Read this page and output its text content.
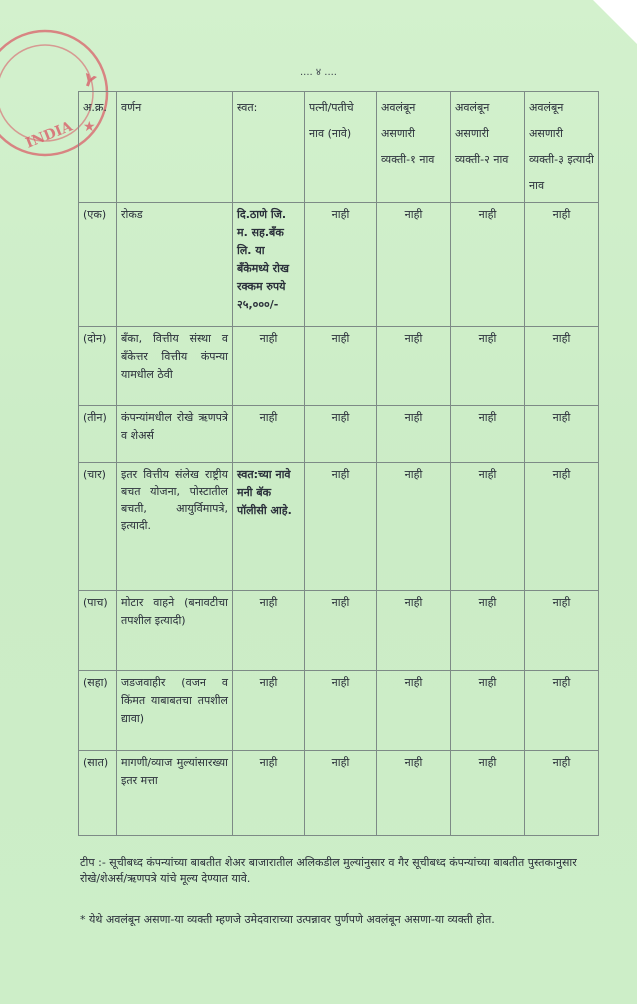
Y
INDIA ★
.... ४ ....
अ.क्र.	वर्णन	स्वत:	पत्नी/पतीचे नाव (नावे)	अवलंबून असणारी व्यक्ती-१ नाव	अवलंबून असणारी व्यक्ती-२ नाव	अवलंबून असणारी व्यक्ती-३ इत्यादी नाव
(एक)	रोकड	दि.ठाणे जि. म. सह.बँक लि. या बँकेमध्ये रोख रक्कम रुपये २५,०००/-	नाही	नाही	नाही	नाही
(दोन)	बँका, वित्तीय संस्था व बँकेत्तर वित्तीय कंपन्या यामधील ठेवी	नाही	नाही	नाही	नाही	नाही
(तीन)	कंपन्यांमधील रोखे ऋणपत्रे व शेअर्स	नाही	नाही	नाही	नाही	नाही
(चार)	इतर वित्तीय संलेख राष्ट्रीय बचत योजना, पोस्टातील बचती, आयुर्विमापत्रे, इत्यादी.	स्वत:च्या नावे मनी बॅक पॉलीसी आहे.	नाही	नाही	नाही	नाही
(पाच)	मोटार वाहने (बनावटीचा तपशील इत्यादी)	नाही	नाही	नाही	नाही	नाही
(सहा)	जडजवाहीर (वजन व किंमत याबाबतचा तपशील द्यावा)	नाही	नाही	नाही	नाही	नाही
(सात)	मागणी/व्याज मुल्यांसारख्या इतर मत्ता	नाही	नाही	नाही	नाही	नाही
टीप :- सूचीबध्द कंपन्यांच्या बाबतीत शेअर बाजारातील अलिकडील मुल्यांनुसार व गैर सूचीबध्द कंपन्यांच्या बाबतीत पुस्तकानुसार रोखे/शेअर्स/ऋणपत्रे यांचे मूल्य देण्यात यावे.
* येथे अवलंबून असणा-या व्यक्ती म्हणजे उमेदवाराच्या उत्पन्नावर पुर्णपणे अवलंबून असणा-या व्यक्ती होत.
